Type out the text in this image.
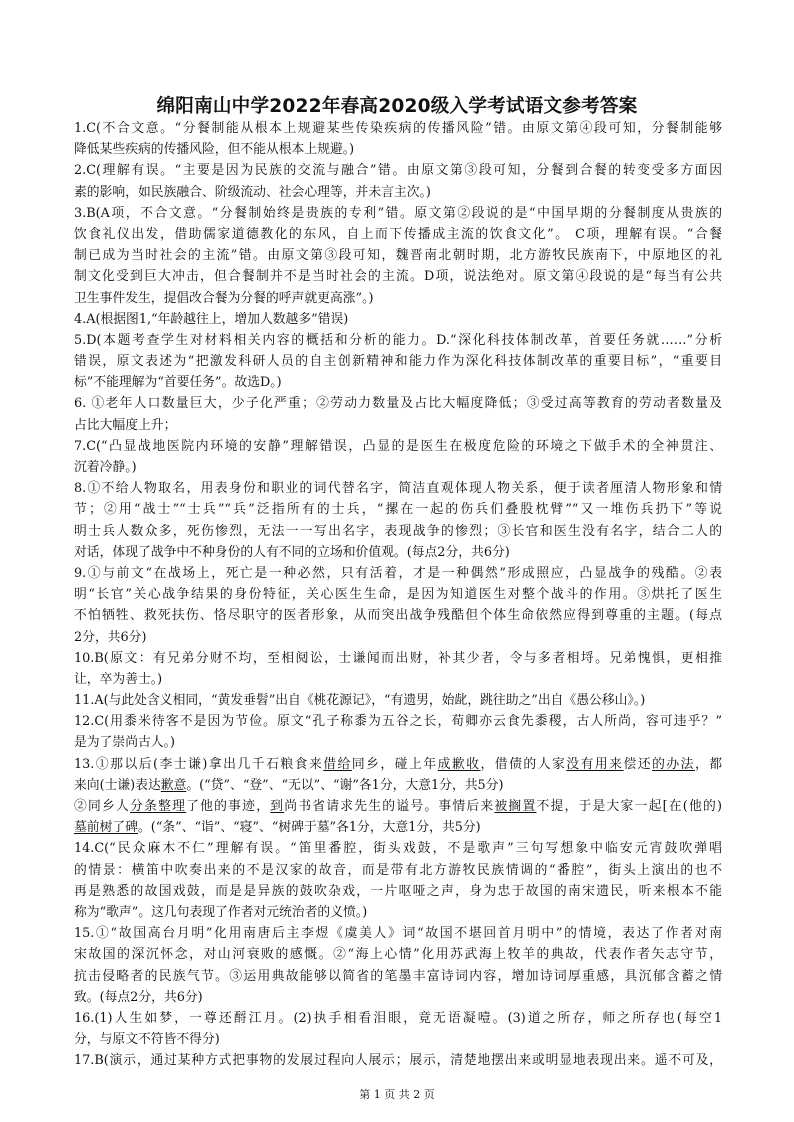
绵阳南山中学2022年春高2020级入学考试语文参考答案
1.C(不合文意。“分餐制能从根本上规避某些传染疾病的传播风险”错。由原文第④段可知，分餐制能够
降低某些疾病的传播风险，但不能从根本上规避。)
2.C(理解有误。“主要是因为民族的交流与融合”错。由原文第③段可知，分餐到合餐的转变受多方面因
素的影响，如民族融合、阶级流动、社会心理等，并未言主次。)
3.B(A项，不合文意。“分餐制始终是贵族的专利”错。原文第②段说的是“中国早期的分餐制度从贵族的
饮食礼仪出发，借助儒家道德教化的东风，自上而下传播成主流的饮食文化”。 C项，理解有误。“合餐
制已成为当时社会的主流”错。由原文第③段可知，魏晋南北朝时期，北方游牧民族南下，中原地区的礼
制文化受到巨大冲击，但合餐制并不是当时社会的主流。D项，说法绝对。原文第④段说的是“每当有公共
卫生事件发生，提倡改合餐为分餐的呼声就更高涨”。)
4.A(根据图1,“年龄越往上，增加人数越多”错误)
5.D(本题考查学生对材料相关内容的概括和分析的能力。D.“深化科技体制改革，首要任务就……”分析
错误，原文表述为“把激发科研人员的自主创新精神和能力作为深化科技体制改革的重要目标”，“重要目
标”不能理解为“首要任务”。故选D。)
6. ①老年人口数量巨大，少子化严重；②劳动力数量及占比大幅度降低；③受过高等教育的劳动者数量及
占比大幅度上升；
7.C(“凸显战地医院内环境的安静”理解错误，凸显的是医生在极度危险的环境之下做手术的全神贯注、
沉着冷静。)
8.①不给人物取名，用表身份和职业的词代替名字，简洁直观体现人物关系，便于读者厘清人物形象和情
节；②用“战士”“士兵”“兵”泛指所有的士兵，“摞在一起的伤兵们叠股枕臂”“又一堆伤兵扔下”等说
明士兵人数众多，死伤惨烈，无法一一写出名字，表现战争的惨烈；③长官和医生没有名字，结合二人的
对话，体现了战争中不种身份的人有不同的立场和价值观。(每点2分，共6分)
9.①与前文“在战场上，死亡是一种必然，只有活着，才是一种偶然”形成照应，凸显战争的残酷。②表
明“长官”关心战争结果的身份特征，关心医生生命，是因为知道医生对整个战斗的作用。③烘托了医生
不怕牺牲、救死扶伤、恪尽职守的医者形象，从而突出战争残酷但个体生命依然应得到尊重的主题。(每点
2分，共6分)
10.B(原文：有兄弟分财不均，至相阋讼，士谦闻而出财，补其少者，令与多者相埒。兄弟愧惧，更相推
让，卒为善士。)
11.A(与此处含义相同，“黄发垂髫”出自《桃花源记》，“有遗男，始龀，跳往助之”出自《愚公移山》。)
12.C(用黍米待客不是因为节俭。原文“孔子称黍为五谷之长，荀卿亦云食先黍稷，古人所尚，容可违乎？”
是为了崇尚古人。)
13.①那以后(李士谦)拿出几千石粮食来借给同乡，碰上年成歉收，借债的人家没有用来偿还的办法，都
来向(士谦)表达歉意。(“贷”、“登”、“无以”、“谢”各1分，大意1分，共5分)
②同乡人分条整理了他的事迹，到尚书省请求先生的谥号。事情后来被搁置不提，于是大家一起[在(他的)
墓前树了碑。(“条”、“诣”、“寝”、“树碑于墓”各1分，大意1分，共5分)
14.C(“民众麻木不仁”理解有误。“笛里番腔，街头戏鼓，不是歌声”三句写想象中临安元宵鼓吹弹唱
的情景：横笛中吹奏出来的不是汉家的故音，而是带有北方游牧民族情调的“番腔”，街头上演出的也不
再是熟悉的故国戏鼓，而是是异族的鼓吹杂戏，一片呕哑之声，身为忠于故国的南宋遗民，听来根本不能
称为“歌声”。这几句表现了作者对元统治者的义愤。)
15.①“故国高台月明”化用南唐后主李煜《虞美人》词“故国不堪回首月明中”的情境，表达了作者对南
宋故国的深沉怀念，对山河衰败的感慨。②“海上心情”化用苏武海上牧羊的典故，代表作者矢志守节，
抗击侵略者的民族气节。③运用典故能够以简省的笔墨丰富诗词内容，增加诗词厚重感，具沉郁含蓄之情
致。(每点2分，共6分)
16.(1)人生如梦，一尊还酹江月。(2)执手相看泪眼，竟无语凝噎。(3)道之所存，师之所存也(每空1
分，与原文不符皆不得分)
17.B(演示，通过某种方式把事物的发展过程向人展示；展示，清楚地摆出来或明显地表现出来。遥不可及，
第 1 页 共 2 页
